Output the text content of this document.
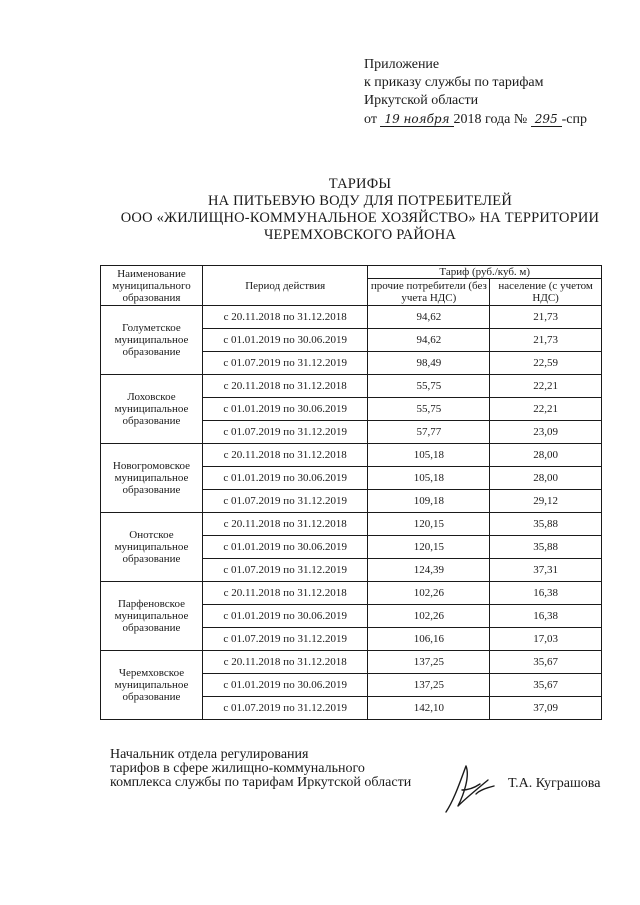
Приложение
к приказу службы по тарифам
Иркутской области
от 19 ноября 2018 года № 295 -спр
ТАРИФЫ
НА ПИТЬЕВУЮ ВОДУ ДЛЯ ПОТРЕБИТЕЛЕЙ
ООО «ЖИЛИЩНО-КОММУНАЛЬНОЕ ХОЗЯЙСТВО» НА ТЕРРИТОРИИ
ЧЕРЕМХОВСКОГО РАЙОНА
Наименование муниципального образования	Период действия	Тариф (руб./куб. м)	
		прочие потребители (без учета НДС)	население (с учетом НДС)
Голуметское муниципальное образование	с 20.11.2018 по 31.12.2018	94,62	21,73
	с 01.01.2019 по 30.06.2019	94,62	21,73
	с 01.07.2019 по 31.12.2019	98,49	22,59
Лоховское муниципальное образование	с 20.11.2018 по 31.12.2018	55,75	22,21
	с 01.01.2019 по 30.06.2019	55,75	22,21
	с 01.07.2019 по 31.12.2019	57,77	23,09
Новогромовское муниципальное образование	с 20.11.2018 по 31.12.2018	105,18	28,00
	с 01.01.2019 по 30.06.2019	105,18	28,00
	с 01.07.2019 по 31.12.2019	109,18	29,12
Онотское муниципальное образование	с 20.11.2018 по 31.12.2018	120,15	35,88
	с 01.01.2019 по 30.06.2019	120,15	35,88
	с 01.07.2019 по 31.12.2019	124,39	37,31
Парфеновское муниципальное образование	с 20.11.2018 по 31.12.2018	102,26	16,38
	с 01.01.2019 по 30.06.2019	102,26	16,38
	с 01.07.2019 по 31.12.2019	106,16	17,03
Черемховское муниципальное образование	с 20.11.2018 по 31.12.2018	137,25	35,67
	с 01.01.2019 по 30.06.2019	137,25	35,67
	с 01.07.2019 по 31.12.2019	142,10	37,09
Начальник отдела регулирования
тарифов в сфере жилищно-коммунального
комплекса службы по тарифам Иркутской области	Т.А. Куграшова
